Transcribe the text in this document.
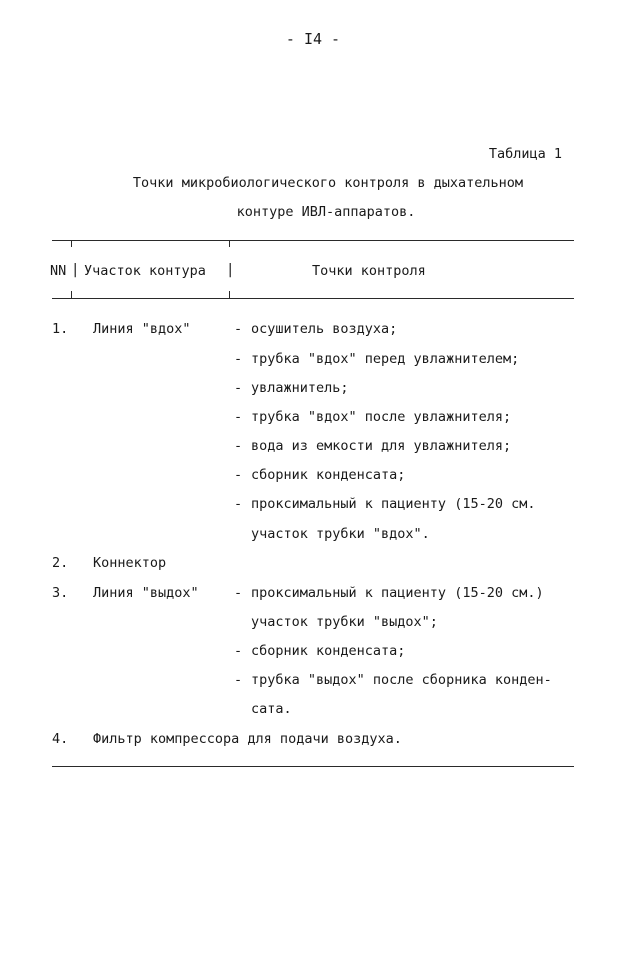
- I4 -
Таблица 1
Точки микробиологического контроля в дыхательном
контуре ИВЛ-аппаратов.
NN | Участок контура |	Точки контроля
1. Линия "вдох"	- осушитель воздуха;
- трубка "вдох" перед увлажнителем;
- увлажнитель;
- трубка "вдох" после увлажнителя;
- вода из емкости для увлажнителя;
- сборник конденсата;
- проксимальный к пациенту (15-20 см.
участок трубки "вдох".
2. Коннектор
3. Линия "выдох"	- проксимальный к пациенту (15-20 см.)
участок трубки "выдох";
- сборник конденсата;
- трубка "выдох" после сборника конден-
сата.
4. Фильтр компрессора для подачи воздуха.
